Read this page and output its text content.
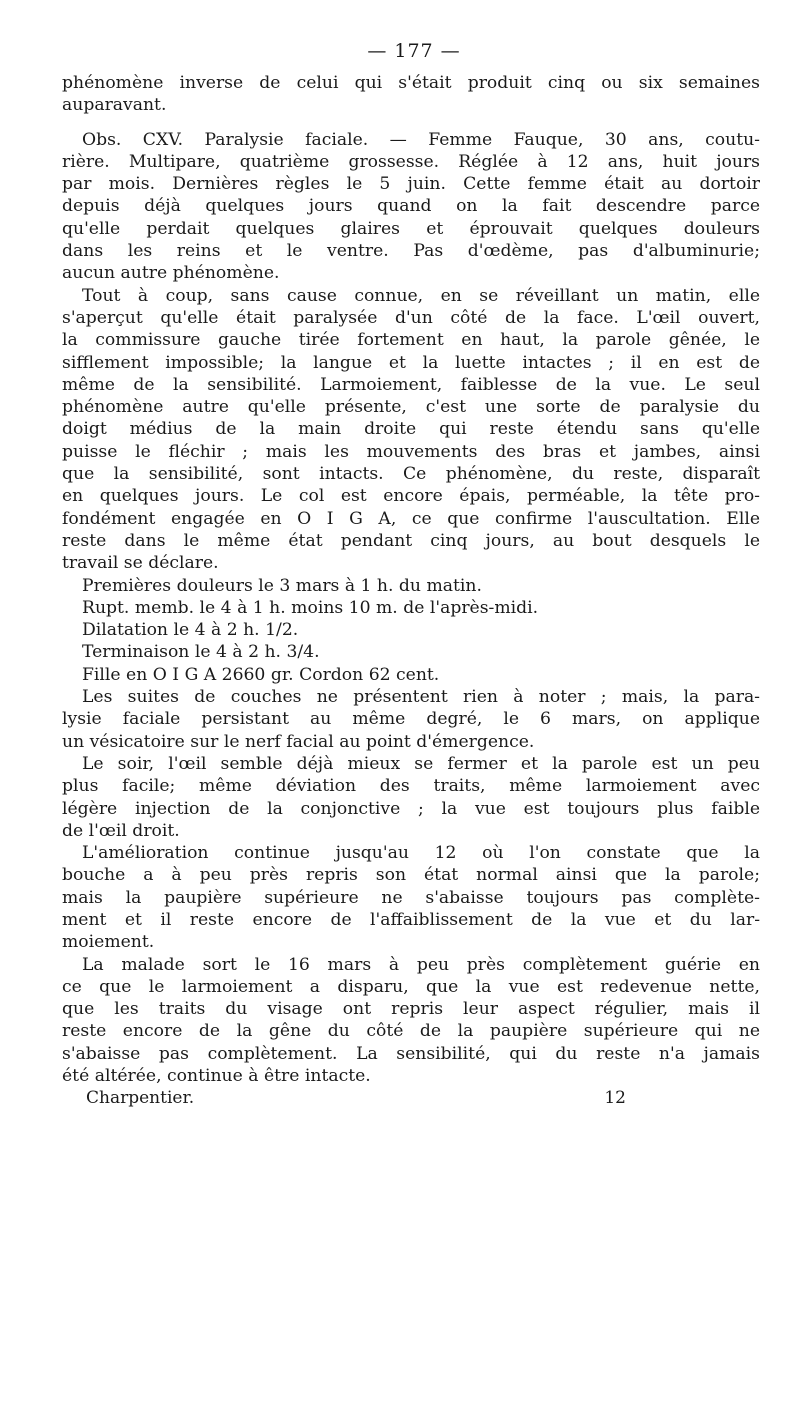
— 177 —
phénomène inverse de celui qui s'était produit cinq ou six semaines
auparavant.
Obs. CXV. Paralysie faciale. — Femme Fauque, 30 ans, coutu-
rière. Multipare, quatrième grossesse. Réglée à 12 ans, huit jours
par mois. Dernières règles le 5 juin. Cette femme était au dortoir
depuis déjà quelques jours quand on la fait descendre parce
qu'elle perdait quelques glaires et éprouvait quelques douleurs
dans les reins et le ventre. Pas d'œdème, pas d'albuminurie;
aucun autre phénomène.
Tout à coup, sans cause connue, en se réveillant un matin, elle
s'aperçut qu'elle était paralysée d'un côté de la face. L'œil ouvert,
la commissure gauche tirée fortement en haut, la parole gênée, le
sifflement impossible; la langue et la luette intactes ; il en est de
même de la sensibilité. Larmoiement, faiblesse de la vue. Le seul
phénomène autre qu'elle présente, c'est une sorte de paralysie du
doigt médius de la main droite qui reste étendu sans qu'elle
puisse le fléchir ; mais les mouvements des bras et jambes, ainsi
que la sensibilité, sont intacts. Ce phénomène, du reste, disparaît
en quelques jours. Le col est encore épais, perméable, la tête pro-
fondément engagée en O I G A, ce que confirme l'auscultation. Elle
reste dans le même état pendant cinq jours, au bout desquels le
travail se déclare.
Premières douleurs le 3 mars à 1 h. du matin.
Rupt. memb. le 4 à 1 h. moins 10 m. de l'après-midi.
Dilatation le 4 à 2 h. 1/2.
Terminaison le 4 à 2 h. 3/4.
Fille en O I G A 2660 gr. Cordon 62 cent.
Les suites de couches ne présentent rien à noter ; mais, la para-
lysie faciale persistant au même degré, le 6 mars, on applique
un vésicatoire sur le nerf facial au point d'émergence.
Le soir, l'œil semble déjà mieux se fermer et la parole est un peu
plus facile; même déviation des traits, même larmoiement avec
légère injection de la conjonctive ; la vue est toujours plus faible
de l'œil droit.
L'amélioration continue jusqu'au 12 où l'on constate que la
bouche a à peu près repris son état normal ainsi que la parole;
mais la paupière supérieure ne s'abaisse toujours pas complète-
ment et il reste encore de l'affaiblissement de la vue et du lar-
moiement.
La malade sort le 16 mars à peu près complètement guérie en
ce que le larmoiement a disparu, que la vue est redevenue nette,
que les traits du visage ont repris leur aspect régulier, mais il
reste encore de la gêne du côté de la paupière supérieure qui ne
s'abaisse pas complètement. La sensibilité, qui du reste n'a jamais
été altérée, continue à être intacte.
Charpentier.	12
